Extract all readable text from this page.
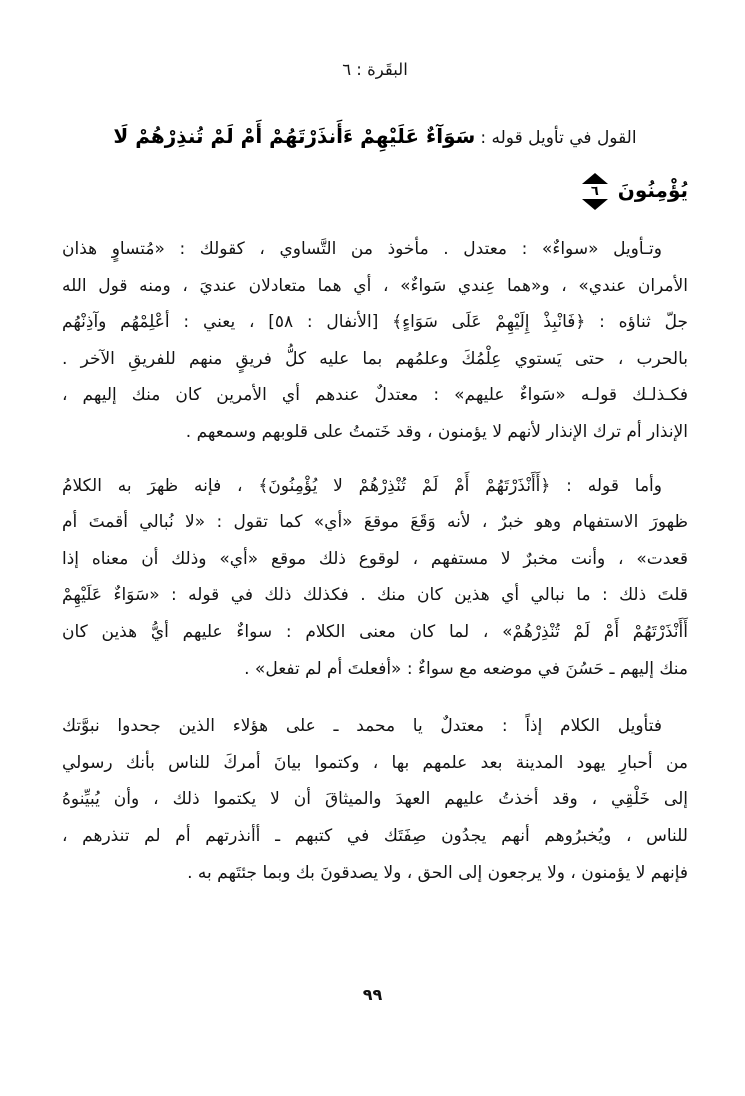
البقَرة : ٦
القول في تأويل قوله : سَوَآءٌ عَلَيْهِمْ ءَأَنذَرْتَهُمْ أَمْ لَمْ تُنذِرْهُمْ لَا
يُؤْمِنُونَ
٦
وتـأويل «سواءٌ» : معتدل . مأخوذ من التَّساوي ، كقولك : «مُتساوٍ هذان
الأمران عندي» ، و«هما عِندي سَواءٌ» ، أي هما متعادلان عنديَ ، ومنه قول الله
جلّ ثناؤه : ﴿فَانْبِذْ إِلَيْهِمْ عَلَى سَوَاءٍ﴾ [الأنفال : ٥٨] ، يعني : أعْلِمْهُم وآذِنْهُم
بالحرب ، حتى يَستوي عِلْمُكَ وعلمُهم بما عليه كلُّ فريقٍ منهم للفريقِ الآخر .
فكـذلـك قولـه «سَواءٌ عليهم» : معتدلٌ عندهم أي الأمرين كان منك إليهم ،
الإنذار أم ترك الإنذار لأنهم لا يؤمنون ، وقد خَتمتُ على قلوبهم وسمعهم .
وأما قوله : ﴿أَأَنْذَرْتَهُمْ أَمْ لَمْ تُنْذِرْهُمْ لا يُؤْمِنُونَ﴾ ، فإنه ظهرَ به الكلامُ
ظهورَ الاستفهام وهو خبرٌ ، لأنه وَقَعَ موقعَ «أي» كما تقول : «لا نُبالي أقمتَ أم
قعدت» ، وأنت مخبرٌ لا مستفهم ، لوقوع ذلك موقع «أي» وذلك أن معناه إذا
قلتَ ذلك : ما نبالي أي هذين كان منك . فكذلك ذلك في قوله : «سَوَاءٌ عَلَيْهِمْ
أَأَنْذَرْتَهُمْ أَمْ لَمْ تُنْذِرْهُمْ» ، لما كان معنى الكلام : سواءٌ عليهم أيُّ هذين كان
منك إليهم ـ حَسُنَ في موضعه مع سواءٌ : «أفعلتَ أم لم تفعل» .
فتأويل الكلام إذاً : معتدلٌ يا محمد ـ على هؤلاء الذين جحدوا نبوَّتك
من أحبارِ يهود المدينة بعد علمهم بها ، وكتموا بيانَ أمركَ للناس بأنك رسولي
إلى خَلْقِي ، وقد أخذتُ عليهم العهدَ والميثاقَ أن لا يكتموا ذلك ، وأن يُبيِّنوهُ
للناس ، ويُخبرُوهم أنهم يجدُون صِفَتَك في كتبهم ـ أأنذرتهم أم لم تنذرهم ،
فإنهم لا يؤمنون ، ولا يرجعون إلى الحق ، ولا يصدقونَ بك وبما جئتَهم به .
٩٩
